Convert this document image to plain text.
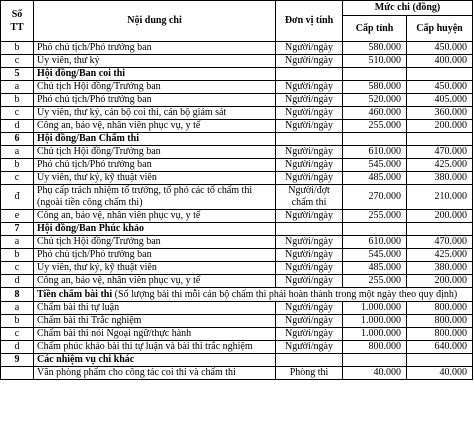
Số
TT	Nội dung chi	Đơn vị tính	Mức chi (đồng)	
			Cấp tỉnh	Cấp huyện
b	Phó chủ tịch/Phó trưởng ban	Người/ngày	580.000	450.000
c	Ủy viên, thư ký	Người/ngày	510.000	400.000
5	Hội đồng/Ban coi thi			
a	Chủ tịch Hội đồng/Trưởng ban	Người/ngày	580.000	450.000
b	Phó chủ tịch/Phó trưởng ban	Người/ngày	520.000	405.000
c	Ủy viên, thư ký, cán bộ coi thi, cán bộ giám sát	Người/ngày	460.000	360.000
d	Công an, bảo vệ, nhân viên phục vụ, y tế	Người/ngày	255.000	200.000
6	Hội đồng/Ban Chấm thi			
a	Chủ tịch Hội đồng/Trưởng ban	Người/ngày	610.000	470.000
b	Phó chủ tịch/Phó trưởng ban	Người/ngày	545.000	425.000
c	Ủy viên, thư ký, kỹ thuật viên	Người/ngày	485.000	380.000
đ	Phụ cấp trách nhiệm tổ trưởng, tổ phó các tổ chấm thi (ngoài tiền công chấm thi)	Người/đợt chấm thi	270.000	210.000
e	Công an, bảo vệ, nhân viên phục vụ, y tế	Người/ngày	255.000	200.000
7	Hội đồng/Ban Phúc khảo			
a	Chủ tịch Hội đồng/Trưởng ban	Người/ngày	610.000	470.000
b	Phó chủ tịch/Phó trưởng ban	Người/ngày	545.000	425.000
c	Ủy viên, thư ký, kỹ thuật viên	Người/ngày	485.000	380.000
d	Công an, bảo vệ, nhân viên phục vụ, y tế	Người/ngày	255.000	200.000
8	Tiền chấm bài thi (Số lượng bài thi mỗi cán bộ chấm thi phải hoàn thành trong một ngày theo quy định)			
a	Chấm bài thi tự luận	Người/ngày	1.000.000	800.000
b	Chấm bài thi Trắc nghiệm	Người/ngày	1.000.000	800.000
c	Chấm bài thi nói Ngoại ngữ/thực hành	Người/ngày	1.000.000	800.000
d	Chấm phúc khảo bài thi tự luận và bài thi trắc nghiệm	Người/ngày	800.000	640.000
9	Các nhiệm vụ chi khác			
	Văn phòng phẩm cho công tác coi thi và chấm thi	Phòng thi	40.000	40.000
